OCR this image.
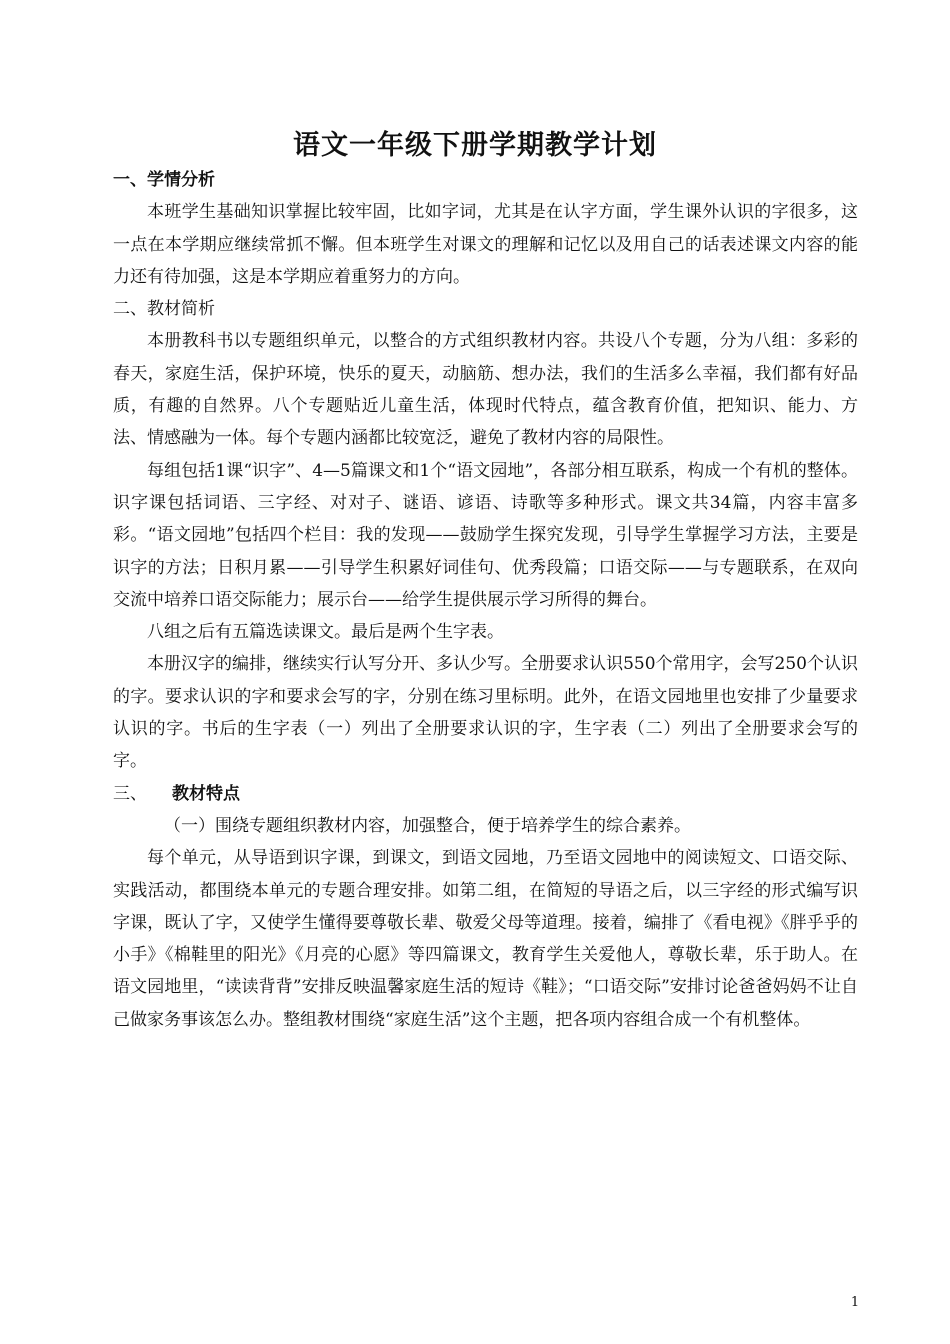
语文一年级下册学期教学计划
一、学情分析

本班学生基础知识掌握比较牢固，比如字词，尤其是在认字方面，学生课外认识的字很多，这一点在本学期应继续常抓不懈。但本班学生对课文的理解和记忆以及用自己的话表述课文内容的能力还有待加强，这是本学期应着重努力的方向。

二、教材简析

本册教科书以专题组织单元，以整合的方式组织教材内容。共设八个专题，分为八组：多彩的春天，家庭生活，保护环境，快乐的夏天，动脑筋、想办法，我们的生活多么幸福，我们都有好品质，有趣的自然界。八个专题贴近儿童生活，体现时代特点，蕴含教育价值，把知识、能力、方法、情感融为一体。每个专题内涵都比较宽泛，避免了教材内容的局限性。

每组包括1课“识字”、4—5篇课文和1个“语文园地”，各部分相互联系，构成一个有机的整体。识字课包括词语、三字经、对对子、谜语、谚语、诗歌等多种形式。课文共34篇，内容丰富多彩。“语文园地”包括四个栏目：我的发现——鼓励学生探究发现，引导学生掌握学习方法，主要是识字的方法；日积月累——引导学生积累好词佳句、优秀段篇；口语交际——与专题联系，在双向交流中培养口语交际能力；展示台——给学生提供展示学习所得的舞台。

八组之后有五篇选读课文。最后是两个生字表。

本册汉字的编排，继续实行认写分开、多认少写。全册要求认识550个常用字，会写250个认识的字。要求认识的字和要求会写的字，分别在练习里标明。此外，在语文园地里也安排了少量要求认识的字。书后的生字表（一）列出了全册要求认识的字，生字表（二）列出了全册要求会写的字。

三、 教材特点

（一）围绕专题组织教材内容，加强整合，便于培养学生的综合素养。

每个单元，从导语到识字课，到课文，到语文园地，乃至语文园地中的阅读短文、口语交际、实践活动，都围绕本单元的专题合理安排。如第二组，在简短的导语之后，以三字经的形式编写识字课，既认了字，又使学生懂得要尊敬长辈、敬爱父母等道理。接着，编排了《看电视》《胖乎乎的小手》《棉鞋里的阳光》《月亮的心愿》等四篇课文，教育学生关爱他人，尊敬长辈，乐于助人。在语文园地里，“读读背背”安排反映温馨家庭生活的短诗《鞋》；“口语交际”安排讨论爸爸妈妈不让自己做家务事该怎么办。整组教材围绕“家庭生活”这个主题，把各项内容组合成一个有机整体。

1
